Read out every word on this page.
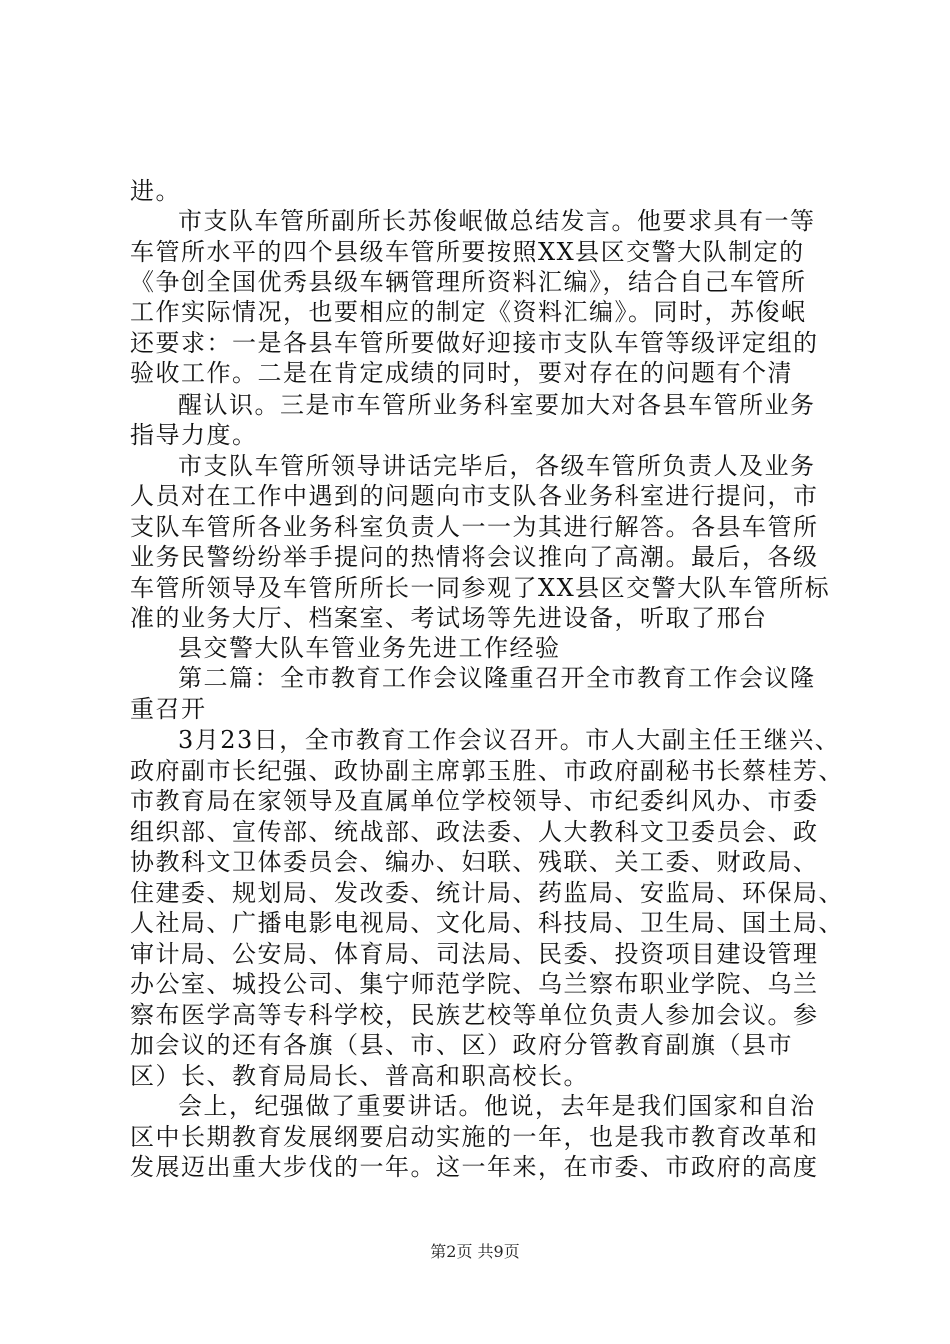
进。
市支队车管所副所长苏俊岷做总结发言。他要求具有一等
车管所水平的四个县级车管所要按照XX县区交警大队制定的
《争创全国优秀县级车辆管理所资料汇编》，结合自己车管所
工作实际情况，也要相应的制定《资料汇编》。同时，苏俊岷
还要求：一是各县车管所要做好迎接市支队车管等级评定组的
验收工作。二是在肯定成绩的同时，要对存在的问题有个清
醒认识。三是市车管所业务科室要加大对各县车管所业务
指导力度。
市支队车管所领导讲话完毕后，各级车管所负责人及业务
人员对在工作中遇到的问题向市支队各业务科室进行提问，市
支队车管所各业务科室负责人一一为其进行解答。各县车管所
业务民警纷纷举手提问的热情将会议推向了高潮。最后，各级
车管所领导及车管所所长一同参观了XX县区交警大队车管所标
准的业务大厅、档案室、考试场等先进设备，听取了邢台
县交警大队车管业务先进工作经验
第二篇：全市教育工作会议隆重召开全市教育工作会议隆
重召开
3月23日，全市教育工作会议召开。市人大副主任王继兴、
政府副市长纪强、政协副主席郭玉胜、市政府副秘书长蔡桂芳、
市教育局在家领导及直属单位学校领导、市纪委纠风办、市委
组织部、宣传部、统战部、政法委、人大教科文卫委员会、政
协教科文卫体委员会、编办、妇联、残联、关工委、财政局、
住建委、规划局、发改委、统计局、药监局、安监局、环保局、
人社局、广播电影电视局、文化局、科技局、卫生局、国土局、
审计局、公安局、体育局、司法局、民委、投资项目建设管理
办公室、城投公司、集宁师范学院、乌兰察布职业学院、乌兰
察布医学高等专科学校，民族艺校等单位负责人参加会议。参
加会议的还有各旗（县、市、区）政府分管教育副旗（县市
区）长、教育局局长、普高和职高校长。
会上，纪强做了重要讲话。他说，去年是我们国家和自治
区中长期教育发展纲要启动实施的一年，也是我市教育改革和
发展迈出重大步伐的一年。这一年来，在市委、市政府的高度
第2页 共9页
